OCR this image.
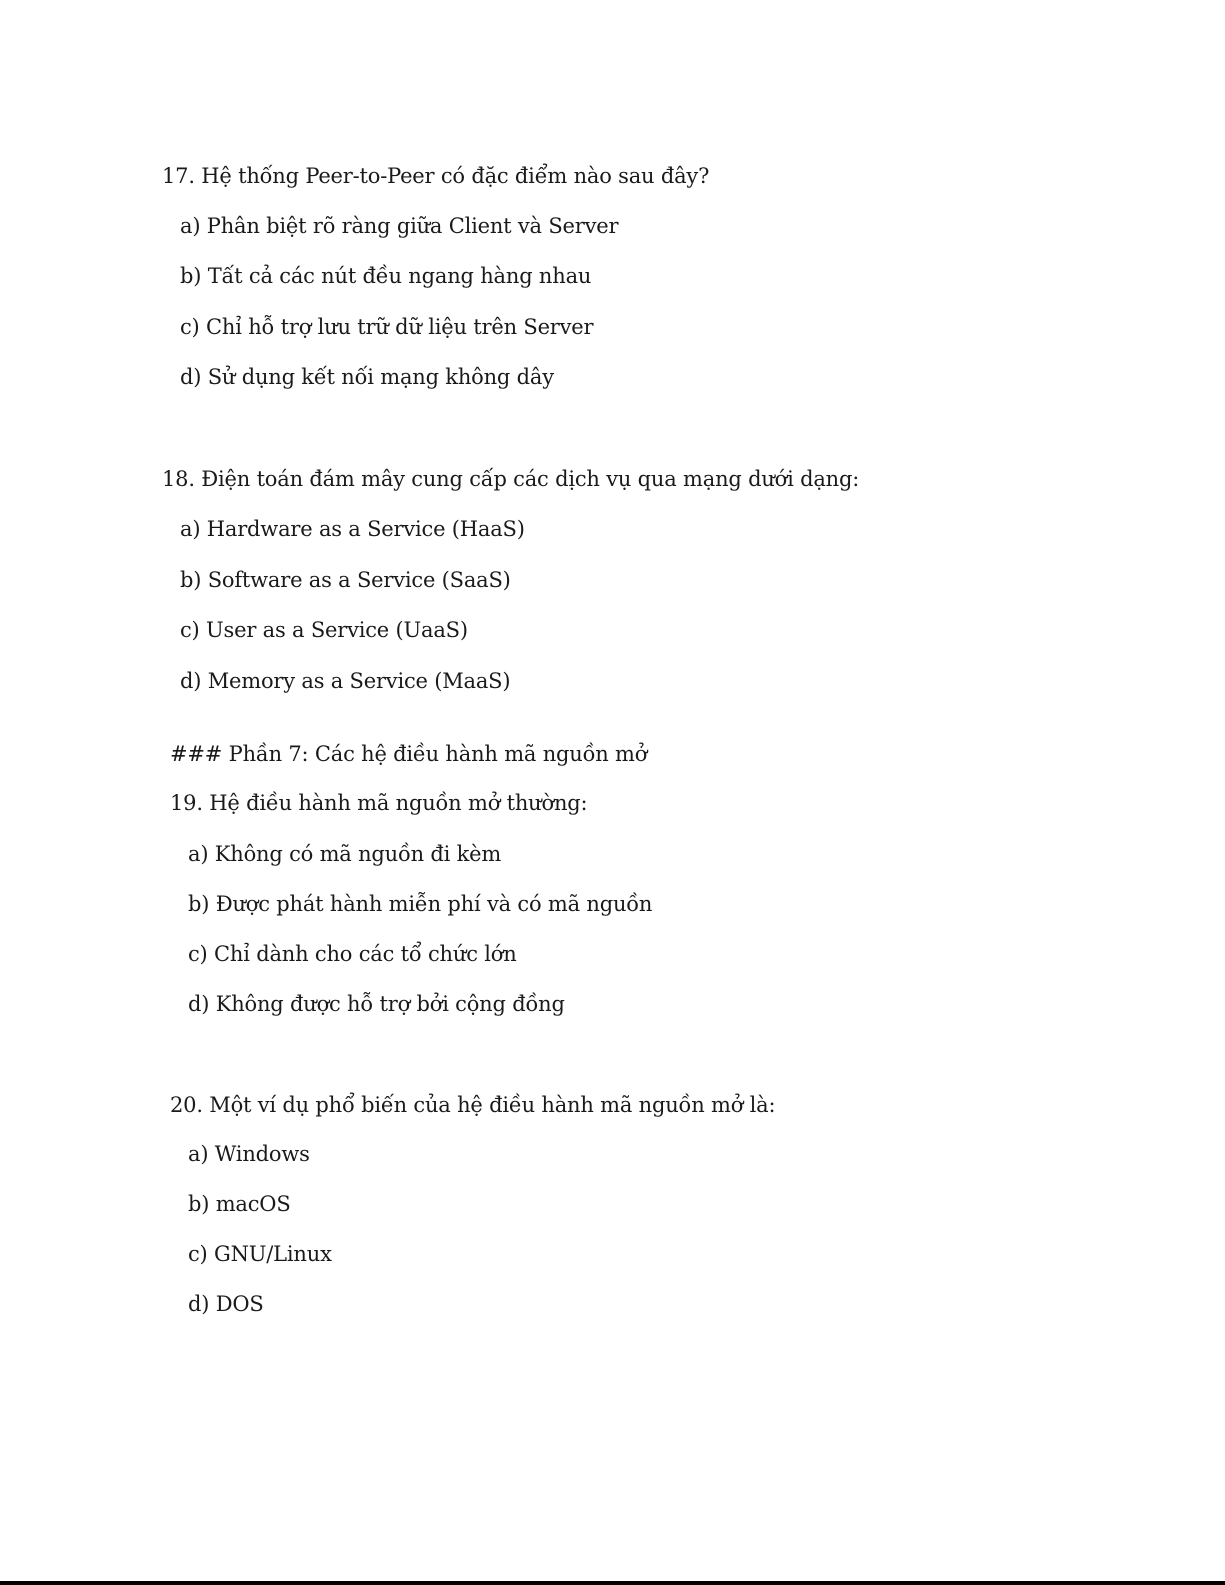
17. Hệ thống Peer-to-Peer có đặc điểm nào sau đây?
a) Phân biệt rõ ràng giữa Client và Server
b) Tất cả các nút đều ngang hàng nhau
c) Chỉ hỗ trợ lưu trữ dữ liệu trên Server
d) Sử dụng kết nối mạng không dây
18. Điện toán đám mây cung cấp các dịch vụ qua mạng dưới dạng:
a) Hardware as a Service (HaaS)
b) Software as a Service (SaaS)
c) User as a Service (UaaS)
d) Memory as a Service (MaaS)
### Phần 7: Các hệ điều hành mã nguồn mở
19. Hệ điều hành mã nguồn mở thường:
a) Không có mã nguồn đi kèm
b) Được phát hành miễn phí và có mã nguồn
c) Chỉ dành cho các tổ chức lớn
d) Không được hỗ trợ bởi cộng đồng
20. Một ví dụ phổ biến của hệ điều hành mã nguồn mở là:
a) Windows
b) macOS
c) GNU/Linux
d) DOS
